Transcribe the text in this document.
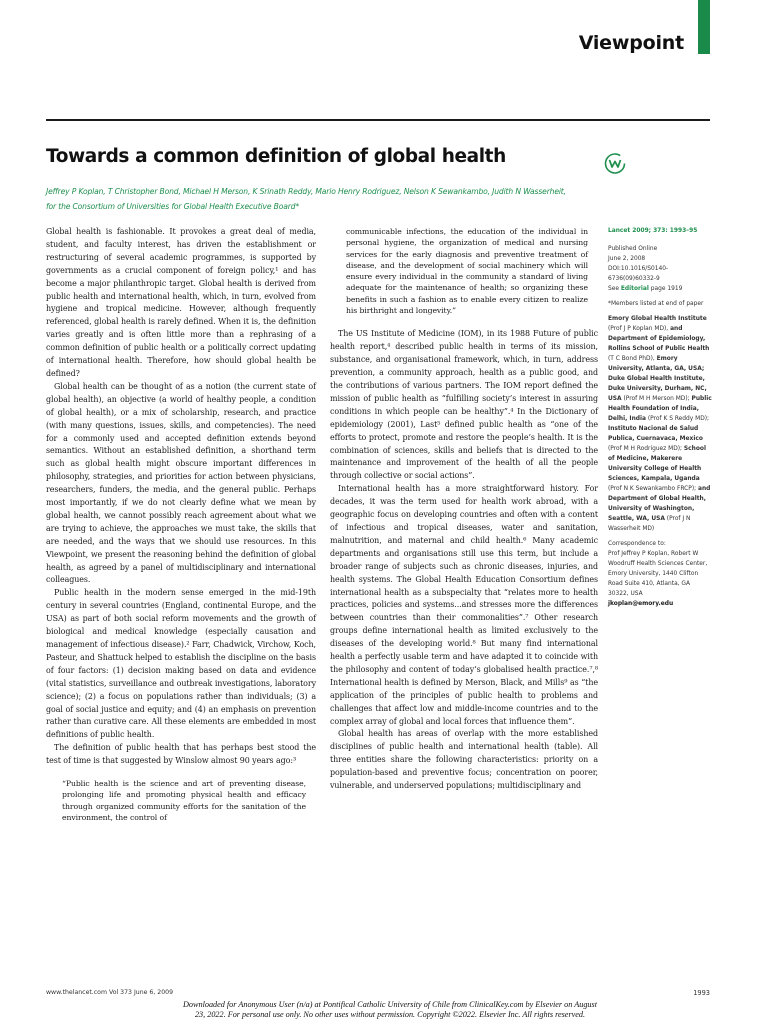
Viewpoint
Towards a common definition of global health
Jeffrey P Koplan, T Christopher Bond, Michael H Merson, K Srinath Reddy, Mario Henry Rodriguez, Nelson K Sewankambo, Judith N Wasserheit,
for the Consortium of Universities for Global Health Executive Board*

Global health is fashionable. It provokes a great deal of media, student, and faculty interest, has driven the establishment or restructuring of several academic programmes, is supported by governments as a crucial component of foreign policy,¹ and has become a major philanthropic target. Global health is derived from public health and international health, which, in turn, evolved from hygiene and tropical medicine. However, although frequently referenced, global health is rarely defined. When it is, the definition varies greatly and is often little more than a rephrasing of a common definition of public health or a politically correct updating of international health. Therefore, how should global health be defined?

Global health can be thought of as a notion (the current state of global health), an objective (a world of healthy people, a condition of global health), or a mix of scholarship, research, and practice (with many questions, issues, skills, and competencies). The need for a commonly used and accepted definition extends beyond semantics. Without an established definition, a shorthand term such as global health might obscure important differences in philosophy, strategies, and priorities for action between physicians, researchers, funders, the media, and the general public. Perhaps most importantly, if we do not clearly define what we mean by global health, we cannot possibly reach agreement about what we are trying to achieve, the approaches we must take, the skills that are needed, and the ways that we should use resources. In this Viewpoint, we present the reasoning behind the definition of global health, as agreed by a panel of multidisciplinary and international colleagues.

Public health in the modern sense emerged in the mid-19th century in several countries (England, continental Europe, and the USA) as part of both social reform movements and the growth of biological and medical knowledge (especially causation and management of infectious disease).² Farr, Chadwick, Virchow, Koch, Pasteur, and Shattuck helped to establish the discipline on the basis of four factors: (1) decision making based on data and evidence (vital statistics, surveillance and outbreak investigations, laboratory science); (2) a focus on populations rather than individuals; (3) a goal of social justice and equity; and (4) an emphasis on prevention rather than curative care. All these elements are embedded in most definitions of public health.

The definition of public health that has perhaps best stood the test of time is that suggested by Winslow almost 90 years ago:³

“Public health is the science and art of preventing disease, prolonging life and promoting physical health and efficacy through organized community efforts for the sanitation of the environment, the control of
communicable infections, the education of the individual in personal hygiene, the organization of medical and nursing services for the early diagnosis and preventive treatment of disease, and the development of social machinery which will ensure every individual in the community a standard of living adequate for the maintenance of health; so organizing these benefits in such a fashion as to enable every citizen to realize his birthright and longevity.”

The US Institute of Medicine (IOM), in its 1988 Future of public health report,⁴ described public health in terms of its mission, substance, and organisational framework, which, in turn, address prevention, a community approach, health as a public good, and the contributions of various partners. The IOM report defined the mission of public health as “fulfilling society’s interest in assuring conditions in which people can be healthy”.⁴ In the Dictionary of epidemiology (2001), Last⁵ defined public health as “one of the efforts to protect, promote and restore the people’s health. It is the combination of sciences, skills and beliefs that is directed to the maintenance and improvement of the health of all the people through collective or social actions”.

International health has a more straightforward history. For decades, it was the term used for health work abroad, with a geographic focus on developing countries and often with a content of infectious and tropical diseases, water and sanitation, malnutrition, and maternal and child health.⁶ Many academic departments and organisations still use this term, but include a broader range of subjects such as chronic diseases, injuries, and health systems. The Global Health Education Consortium defines international health as a subspecialty that “relates more to health practices, policies and systems...and stresses more the differences between countries than their commonalities”.⁷ Other research groups define international health as limited exclusively to the diseases of the developing world.⁸ But many find international health a perfectly usable term and have adapted it to coincide with the philosophy and content of today’s globalised health practice.⁷,⁸ International health is defined by Merson, Black, and Mills⁹ as “the application of the principles of public health to problems and challenges that affect low and middle-income countries and to the complex array of global and local forces that influence them”.

Global health has areas of overlap with the more established disciplines of public health and international health (table). All three entities share the following characteristics: priority on a population-based and preventive focus; concentration on poorer, vulnerable, and underserved populations; multidisciplinary and

Lancet 2009; 373: 1993–95
Published Online
June 2, 2008
DOI:10.1016/S0140-6736(09)60332-9
See Editorial page 1919
*Members listed at end of paper
Emory Global Health Institute (Prof J P Koplan MD), and Department of Epidemiology, Rollins School of Public Health (T C Bond PhD), Emory University, Atlanta, GA, USA; Duke Global Health Institute, Duke University, Durham, NC, USA (Prof M H Merson MD); Public Health Foundation of India, Delhi, India (Prof K S Reddy MD); Instituto Nacional de Salud Publica, Cuernavaca, Mexico (Prof M H Rodriguez MD); School of Medicine, Makerere University College of Health Sciences, Kampala, Uganda (Prof N K Sewankambo FRCP); and Department of Global Health, University of Washington, Seattle, WA, USA (Prof J N Wasserheit MD)
Correspondence to:
Prof Jeffrey P Koplan, Robert W Woodruff Health Sciences Center, Emory University, 1440 Clifton Road Suite 410, Atlanta, GA 30322, USA
jkoplan@emory.edu
www.thelancet.com Vol 373 June 6, 2009	1993
Downloaded for Anonymous User (n/a) at Pontifical Catholic University of Chile from ClinicalKey.com by Elsevier on August
23, 2022. For personal use only. No other uses without permission. Copyright ©2022. Elsevier Inc. All rights reserved.
